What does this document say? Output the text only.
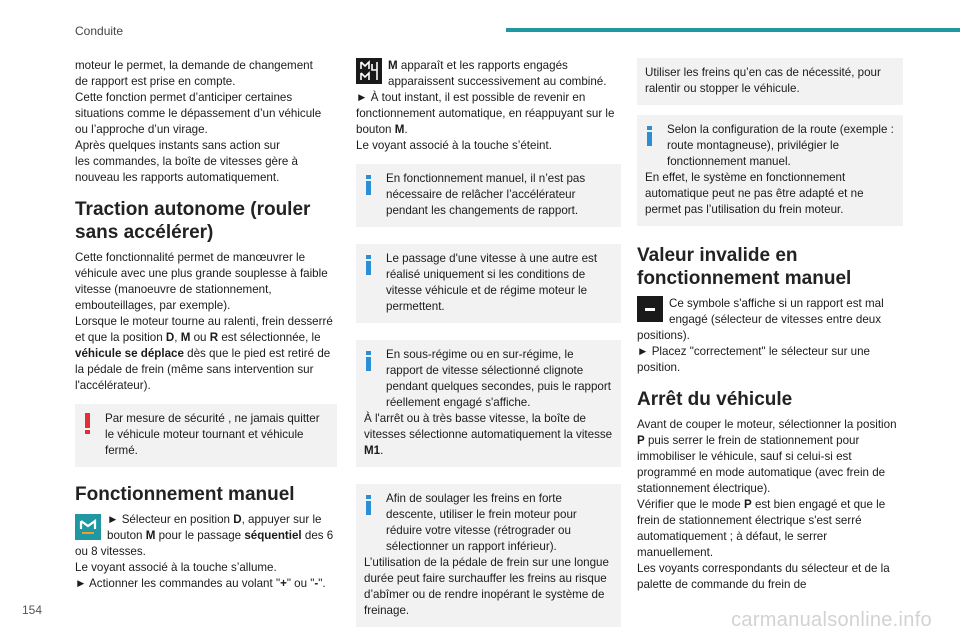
Conduite

moteur le permet, la demande de changement
de rapport est prise en compte.
Cette fonction permet d’anticiper certaines
situations comme le dépassement d’un véhicule
ou l’approche d’un virage.
Après quelques instants sans action sur
les commandes, la boîte de vitesses gère à
nouveau les rapports automatiquement.

Traction autonome (rouler sans accélérer)

Cette fonctionnalité permet de manœuvrer le véhicule avec une plus grande souplesse à faible vitesse (manoeuvre de stationnement, embouteillages, par exemple).

Lorsque le moteur tourne au ralenti, frein desserré et que la position D, M ou R est sélectionnée, le véhicule se déplace dès que le pied est retiré de la pédale de frein (même sans intervention sur l'accélérateur).

Par mesure de sécurité , ne jamais quitter le véhicule moteur tournant et véhicule fermé.

Fonctionnement manuel

► Sélecteur en position D, appuyer sur le bouton M pour le passage séquentiel des 6 ou 8 vitesses.

Le voyant associé à la touche s’allume.

► Actionner les commandes au volant "+" ou "-".

M apparaît et les rapports engagés apparaissent successivement au combiné.

► À tout instant, il est possible de revenir en fonctionnement automatique, en réappuyant sur le bouton M.

Le voyant associé à la touche s’éteint.

En fonctionnement manuel, il n’est pas nécessaire de relâcher l’accélérateur pendant les changements de rapport.

Le passage d'une vitesse à une autre est réalisé uniquement si les conditions de vitesse véhicule et de régime moteur le permettent.

En sous-régime ou en sur-régime, le rapport de vitesse sélectionné clignote pendant quelques secondes, puis le rapport réellement engagé s'affiche.

À l'arrêt ou à très basse vitesse, la boîte de vitesses sélectionne automatiquement la vitesse M1.

Afin de soulager les freins en forte descente, utiliser le frein moteur pour réduire votre vitesse (rétrograder ou sélectionner un rapport inférieur).

L’utilisation de la pédale de frein sur une longue durée peut faire surchauffer les freins au risque d’abîmer ou de rendre inopérant le système de freinage.

Utiliser les freins qu’en cas de nécessité, pour ralentir ou stopper le véhicule.

Selon la configuration de la route (exemple : route montagneuse), privilégier le fonctionnement manuel.

En effet, le système en fonctionnement automatique peut ne pas être adapté et ne permet pas l’utilisation du frein moteur.

Valeur invalide en fonctionnement manuel

Ce symbole s'affiche si un rapport est mal engagé (sélecteur de vitesses entre deux positions).

► Placez "correctement" le sélecteur sur une position.

Arrêt du véhicule

Avant de couper le moteur, sélectionner la position P puis serrer le frein de stationnement pour immobiliser le véhicule, sauf si celui-si est programmé en mode automatique (avec frein de stationnement électrique).

Vérifier que le mode P est bien engagé et que le frein de stationnement électrique s'est serré automatiquement ; à défaut, le serrer manuellement.

Les voyants correspondants du sélecteur et de la palette de commande du frein de

154	carmanualsonline.info
